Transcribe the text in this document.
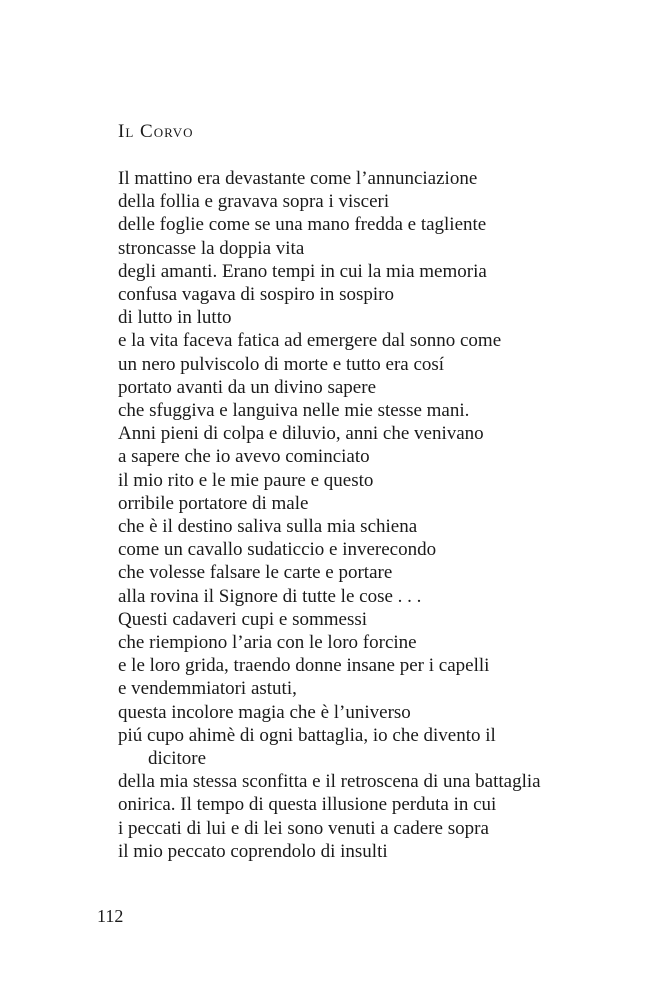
Il Corvo
Il mattino era devastante come l’annunciazione
della follia e gravava sopra i visceri
delle foglie come se una mano fredda e tagliente
stroncasse la doppia vita
degli amanti. Erano tempi in cui la mia memoria
confusa vagava di sospiro in sospiro
di lutto in lutto
e la vita faceva fatica ad emergere dal sonno come
un nero pulviscolo di morte e tutto era cosí
portato avanti da un divino sapere
che sfuggiva e languiva nelle mie stesse mani.
Anni pieni di colpa e diluvio, anni che venivano
a sapere che io avevo cominciato
il mio rito e le mie paure e questo
orribile portatore di male
che è il destino saliva sulla mia schiena
come un cavallo sudaticcio e inverecondo
che volesse falsare le carte e portare
alla rovina il Signore di tutte le cose . . .
Questi cadaveri cupi e sommessi
che riempiono l’aria con le loro forcine
e le loro grida, traendo donne insane per i capelli
e vendemmiatori astuti,
questa incolore magia che è l’universo
piú cupo ahimè di ogni battaglia, io che divento il
dicitore
della mia stessa sconfitta e il retroscena di una battaglia
onirica. Il tempo di questa illusione perduta in cui
i peccati di lui e di lei sono venuti a cadere sopra
il mio peccato coprendolo di insulti
112
